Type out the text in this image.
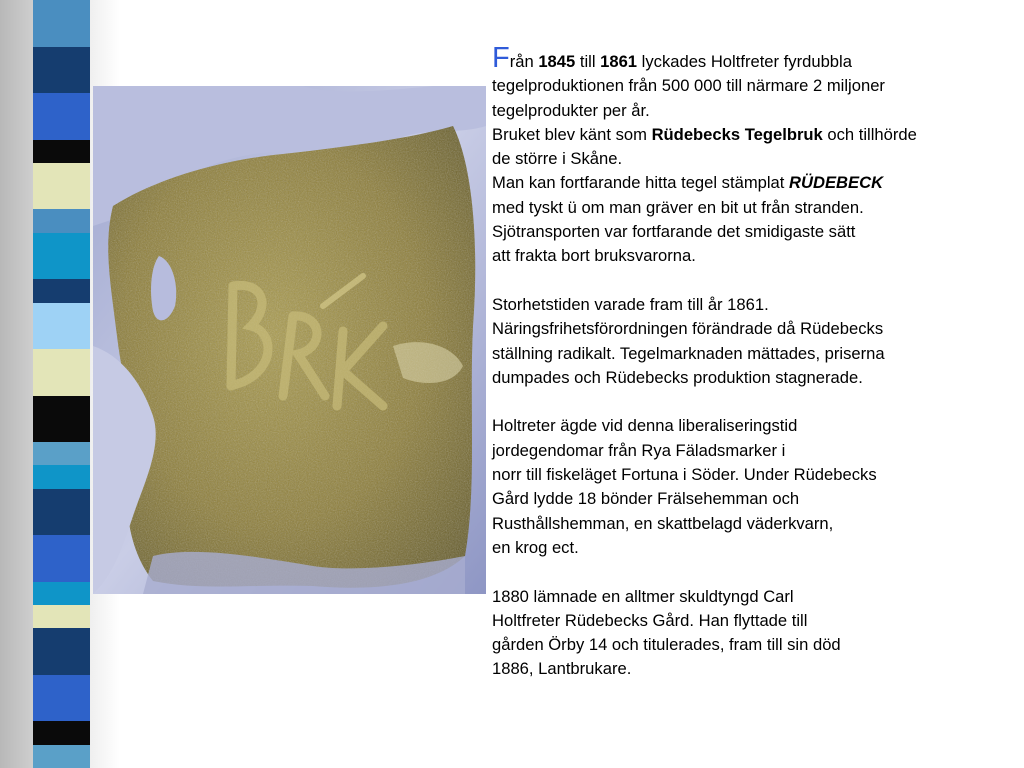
Från 1845 till 1861 lyckades Holtfreter fyrdubbla
tegelproduktionen från 500 000 till närmare 2 miljoner
tegelprodukter per år.
Bruket blev känt som Rüdebecks Tegelbruk och tillhörde
de större i Skåne.
Man kan fortfarande hitta tegel stämplat RÜDEBECK
med tyskt ü om man gräver en bit ut från stranden.
Sjötransporten var fortfarande det smidigaste sätt
att frakta bort bruksvarorna.
Storhetstiden varade fram till år 1861.
Näringsfrihetsförordningen förändrade då Rüdebecks
ställning radikalt. Tegelmarknaden mättades, priserna
dumpades och Rüdebecks produktion stagnerade.
Holtreter ägde vid denna liberaliseringstid
jordegendomar från Rya Fäladsmarker i
norr till fiskeläget Fortuna i Söder. Under Rüdebecks
Gård lydde 18 bönder Frälsehemman och
Rusthållshemman, en skattbelagd väderkvarn,
en krog ect.
1880 lämnade en alltmer skuldtyngd Carl
Holtfreter Rüdebecks Gård. Han flyttade till
gården Örby 14 och titulerades, fram till sin död
1886, Lantbrukare.
